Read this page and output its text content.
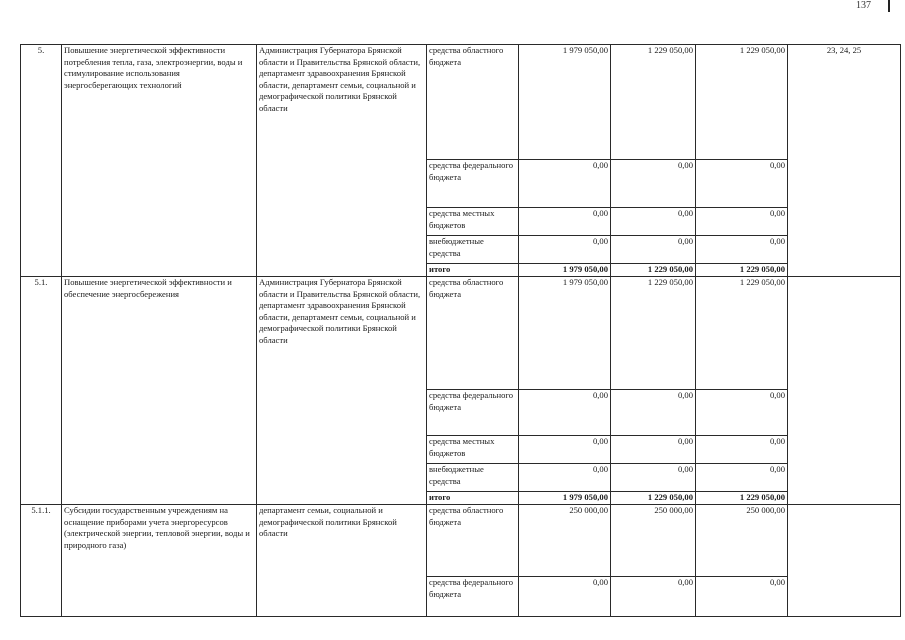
137
5.	Повышение энергетической эффективности потребления тепла, газа, электроэнергии, воды и стимулирование использования энергосберегающих технологий	Администрация Губернатора Брянской области и Правительства Брянской области, департамент здравоохранения Брянской области, департамент семьи, социальной и демографической политики Брянской области	средства областного бюджета	1 979 050,00	1 229 050,00	1 229 050,00	23, 24, 25
			средства федерального бюджета	0,00	0,00	0,00	
			средства местных бюджетов	0,00	0,00	0,00	
			внебюджетные средства	0,00	0,00	0,00	
			итого	1 979 050,00	1 229 050,00	1 229 050,00	
5.1.	Повышение энергетической эффективности и обеспечение энергосбережения	Администрация Губернатора Брянской области и Правительства Брянской области, департамент здравоохранения Брянской области, департамент семьи, социальной и демографической политики Брянской области	средства областного бюджета	1 979 050,00	1 229 050,00	1 229 050,00	
			средства федерального бюджета	0,00	0,00	0,00	
			средства местных бюджетов	0,00	0,00	0,00	
			внебюджетные средства	0,00	0,00	0,00	
			итого	1 979 050,00	1 229 050,00	1 229 050,00	
5.1.1.	Субсидии государственным учреждениям на оснащение приборами учета энергоресурсов (электрической энергии, тепловой энергии, воды и природного газа)	департамент семьи, социальной и демографической политики Брянской области	средства областного бюджета	250 000,00	250 000,00	250 000,00	
			средства федерального бюджета	0,00	0,00	0,00	
